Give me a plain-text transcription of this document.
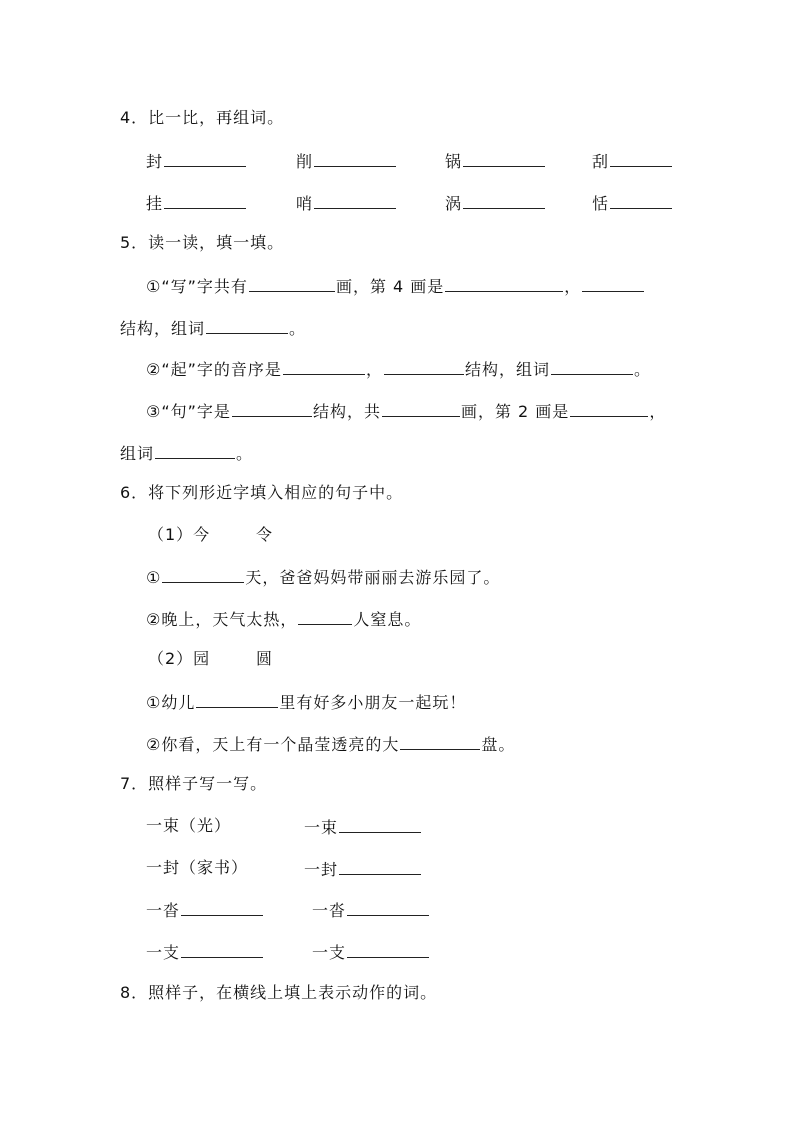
4．比一比，再组词。
封	削	锅	刮
挂	哨	涡	恬
5．读一读，填一填。
①“写”字共有	画，第 4 画是	，
结构，组词	。
②“起”字的音序是	，	结构，组词	。
③“句”字是	结构，共	画，第 2 画是	，
组词	。
6．将下列形近字填入相应的句子中。
（1）今	令
①	天，爸爸妈妈带丽丽去游乐园了。
②晚上，天气太热，	人窒息。
（2）园	圆
①幼儿	里有好多小朋友一起玩！
②你看，天上有一个晶莹透亮的大	盘。
7．照样子写一写。
一束（光）	一束
一封（家书）	一封
一沓	一沓
一支	一支
8．照样子，在横线上填上表示动作的词。
